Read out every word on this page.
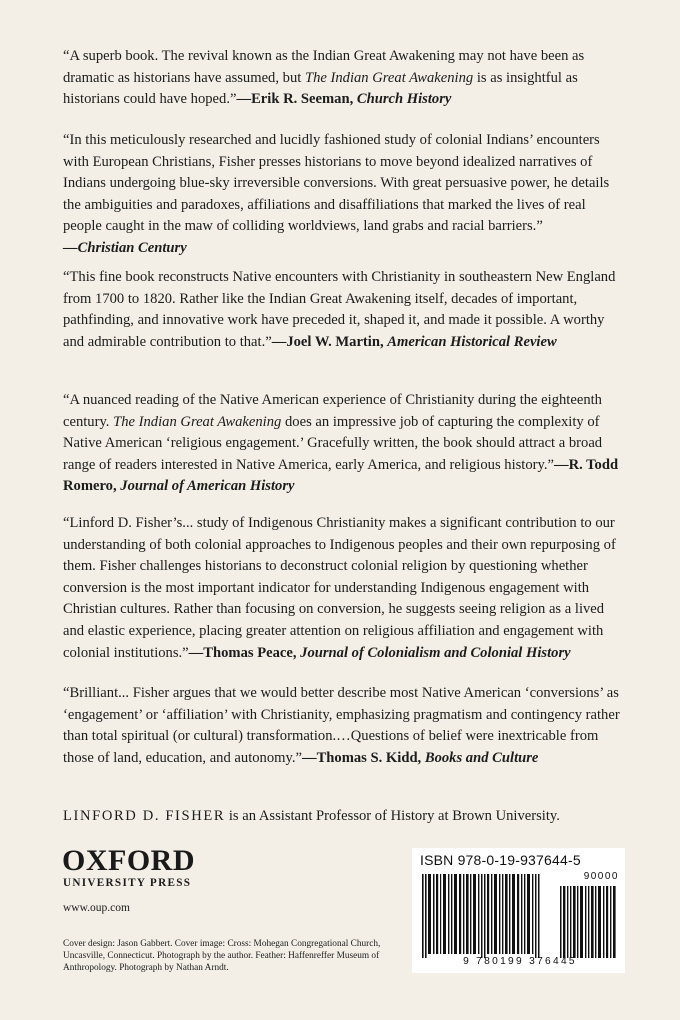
“A superb book. The revival known as the Indian Great Awakening may not have been as dramatic as historians have assumed, but The Indian Great Awakening is as insightful as historians could have hoped.”—Erik R. Seeman, Church History

“In this meticulously researched and lucidly fashioned study of colonial Indians’ encounters with European Christians, Fisher presses historians to move beyond idealized narratives of Indians undergoing blue-sky irreversible conversions. With great persuasive power, he details the ambiguities and paradoxes, affiliations and disaffiliations that marked the lives of real people caught in the maw of colliding worldviews, land grabs and racial barriers.”
—Christian Century

“This fine book reconstructs Native encounters with Christianity in southeastern New England from 1700 to 1820. Rather like the Indian Great Awakening itself, decades of important, pathfinding, and innovative work have preceded it, shaped it, and made it possible. A worthy and admirable contribution to that.”—Joel W. Martin, American Historical Review

“A nuanced reading of the Native American experience of Christianity during the eighteenth century. The Indian Great Awakening does an impressive job of capturing the complexity of Native American ‘religious engagement.’ Gracefully written, the book should attract a broad range of readers interested in Native America, early America, and religious history.”—R. Todd Romero, Journal of American History

“Linford D. Fisher’s... study of Indigenous Christianity makes a significant contribution to our understanding of both colonial approaches to Indigenous peoples and their own repurposing of them. Fisher challenges historians to deconstruct colonial religion by questioning whether conversion is the most important indicator for understanding Indigenous engagement with Christian cultures. Rather than focusing on conversion, he suggests seeing religion as a lived and elastic experience, placing greater attention on religious affiliation and engagement with colonial institutions.”—Thomas Peace, Journal of Colonialism and Colonial History

“Brilliant... Fisher argues that we would better describe most Native American ‘conversions’ as ‘engagement’ or ‘affiliation’ with Christianity, emphasizing pragmatism and contingency rather than total spiritual (or cultural) transformation.…Questions of belief were inextricable from those of land, education, and autonomy.”—Thomas S. Kidd, Books and Culture

LINFORD D. FISHER is an Assistant Professor of History at Brown University.

OXFORD
UNIVERSITY PRESS
www.oup.com

Cover design: Jason Gabbert. Cover image: Cross: Mohegan Congregational Church, Uncasville, Connecticut. Photograph by the author. Feather: Haffenreffer Museum of Anthropology. Photograph by Nathan Arndt.

ISBN 978-0-19-937644-5
90000
9 780199 376445
